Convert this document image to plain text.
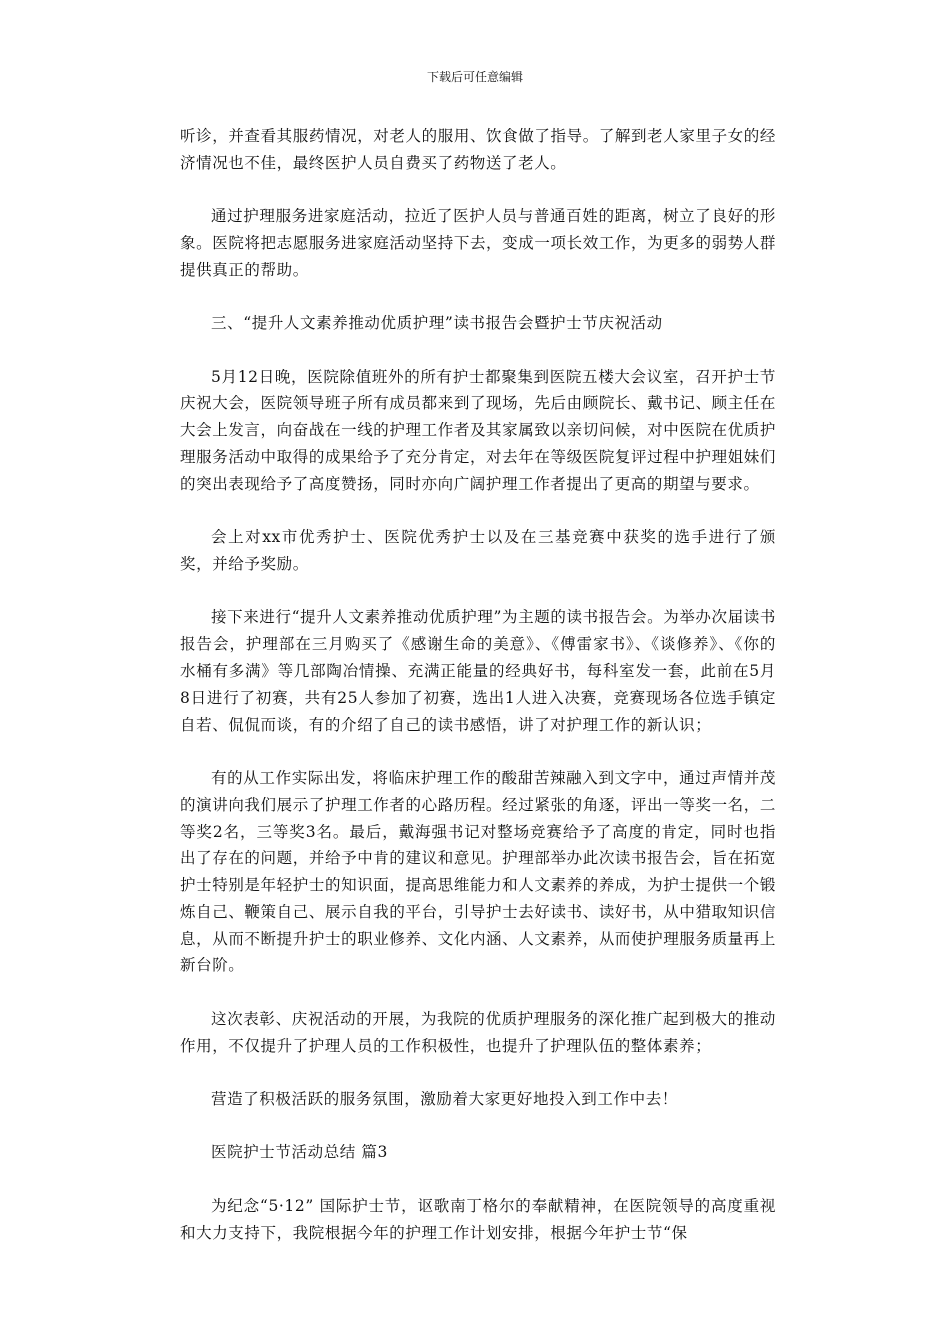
下载后可任意编辑

听诊，并查看其服药情况，对老人的服用、饮食做了指导。了解到老人家里子女的经济情况也不佳，最终医护人员自费买了药物送了老人。

通过护理服务进家庭活动，拉近了医护人员与普通百姓的距离，树立了良好的形象。医院将把志愿服务进家庭活动坚持下去，变成一项长效工作，为更多的弱势人群提供真正的帮助。

三、“提升人文素养推动优质护理”读书报告会暨护士节庆祝活动

5月12日晚，医院除值班外的所有护士都聚集到医院五楼大会议室，召开护士节庆祝大会，医院领导班子所有成员都来到了现场，先后由顾院长、戴书记、顾主任在大会上发言，向奋战在一线的护理工作者及其家属致以亲切问候，对中医院在优质护理服务活动中取得的成果给予了充分肯定，对去年在等级医院复评过程中护理姐妹们的突出表现给予了高度赞扬，同时亦向广阔护理工作者提出了更高的期望与要求。

会上对xx市优秀护士、医院优秀护士以及在三基竞赛中获奖的选手进行了颁奖，并给予奖励。

接下来进行“提升人文素养推动优质护理”为主题的读书报告会。为举办次届读书报告会，护理部在三月购买了《感谢生命的美意》、《傅雷家书》、《谈修养》、《你的水桶有多满》等几部陶冶情操、充满正能量的经典好书，每科室发一套，此前在5月8日进行了初赛，共有25人参加了初赛，选出1人进入决赛，竞赛现场各位选手镇定自若、侃侃而谈，有的介绍了自己的读书感悟，讲了对护理工作的新认识；

有的从工作实际出发，将临床护理工作的酸甜苦辣融入到文字中，通过声情并茂的演讲向我们展示了护理工作者的心路历程。经过紧张的角逐，评出一等奖一名，二等奖2名，三等奖3名。最后，戴海强书记对整场竞赛给予了高度的肯定，同时也指出了存在的问题，并给予中肯的建议和意见。护理部举办此次读书报告会，旨在拓宽护士特别是年轻护士的知识面，提高思维能力和人文素养的养成，为护士提供一个锻炼自己、鞭策自己、展示自我的平台，引导护士去好读书、读好书，从中猎取知识信息，从而不断提升护士的职业修养、文化内涵、人文素养，从而使护理服务质量再上新台阶。

这次表彰、庆祝活动的开展，为我院的优质护理服务的深化推广起到极大的推动作用，不仅提升了护理人员的工作积极性，也提升了护理队伍的整体素养；

营造了积极活跃的服务氛围，激励着大家更好地投入到工作中去！

医院护士节活动总结 篇3

为纪念“5·12” 国际护士节，讴歌南丁格尔的奉献精神，在医院领导的高度重视和大力支持下，我院根据今年的护理工作计划安排，根据今年护士节“保
